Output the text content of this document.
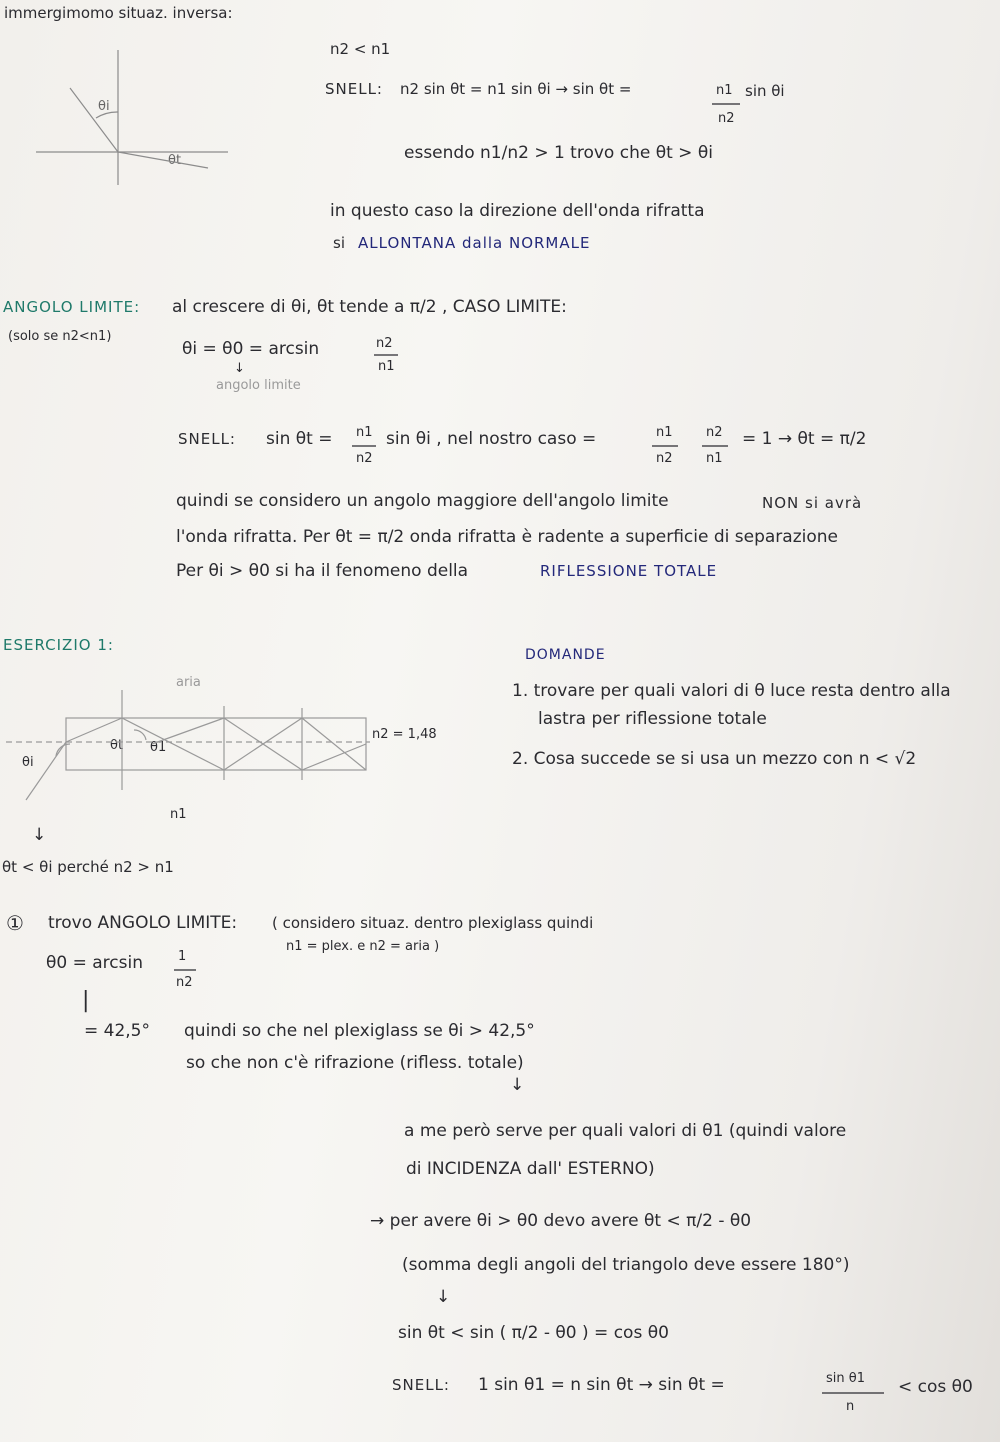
immergimomo situaz. inversa:
n2 < n1
SNELL: n2 sin θt = n1 sin θi → sin θt =	n1
n2
sin θi
essendo n1/n2 > 1 trovo che θt > θi
in questo caso la direzione dell'onda rifratta
si ALLONTANA dalla NORMALE
θi
θt
ANGOLO LIMITE: al crescere di θi, θt tende a π/2 , CASO LIMITE:
(solo se n2<n1)
θi = θ0 = arcsin	n2
n1
↓
angolo limite
SNELL: sin θt = n1
n2
sin θi , nel nostro caso =	n1
n2
n2
n1
= 1 → θt = π/2
quindi se considero un angolo maggiore dell'angolo limite	NON si avrà
l'onda rifratta. Per θt = π/2 onda rifratta è radente a superficie di separazione
Per θi > θ0 si ha il fenomeno della	RIFLESSIONE TOTALE
ESERCIZIO 1:
DOMANDE
1. trovare per quali valori di θ luce resta dentro alla
lastra per riflessione totale
2. Cosa succede se si usa un mezzo con n < √2
aria
n2 = 1,48
n1
θt θ1
θi
↓
θt < θi perché n2 > n1
① trovo ANGOLO LIMITE: ( considero situaz. dentro plexiglass quindi
n1 = plex. e n2 = aria )
θ0 = arcsin	1
n2
|
= 42,5° quindi so che nel plexiglass se θi > 42,5°
so che non c'è rifrazione (rifless. totale)
↓
a me però serve per quali valori di θ1 (quindi valore
di INCIDENZA dall' ESTERNO)
→ per avere θi > θ0 devo avere θt < π/2 - θ0
(somma degli angoli del triangolo deve essere 180°)
↓
sin θt < sin ( π/2 - θ0 ) = cos θ0
SNELL: 1 sin θ1 = n sin θt → sin θt =	sin θ1
n
< cos θ0
